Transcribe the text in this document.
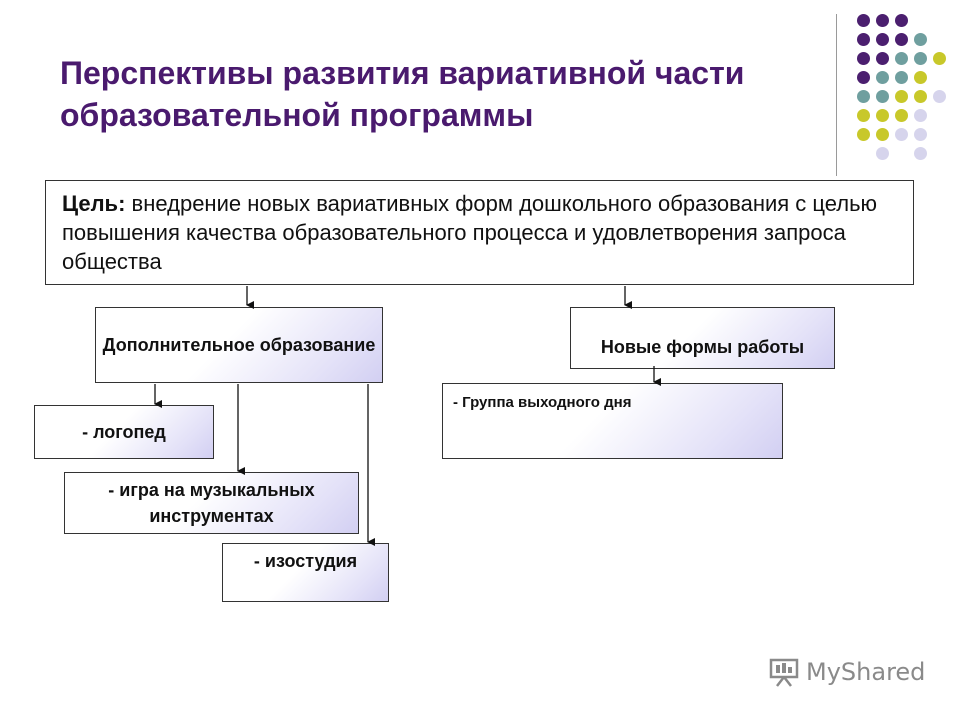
Перспективы развития вариативной части образовательной программы
Цель: внедрение новых вариативных форм дошкольного образования с целью повышения качества образовательного процесса и удовлетворения запроса общества
Дополнительное образование	Новые формы работы
- логопед
- игра на музыкальных инструментах
- изостудия
- Группа выходного дня
MyShared
